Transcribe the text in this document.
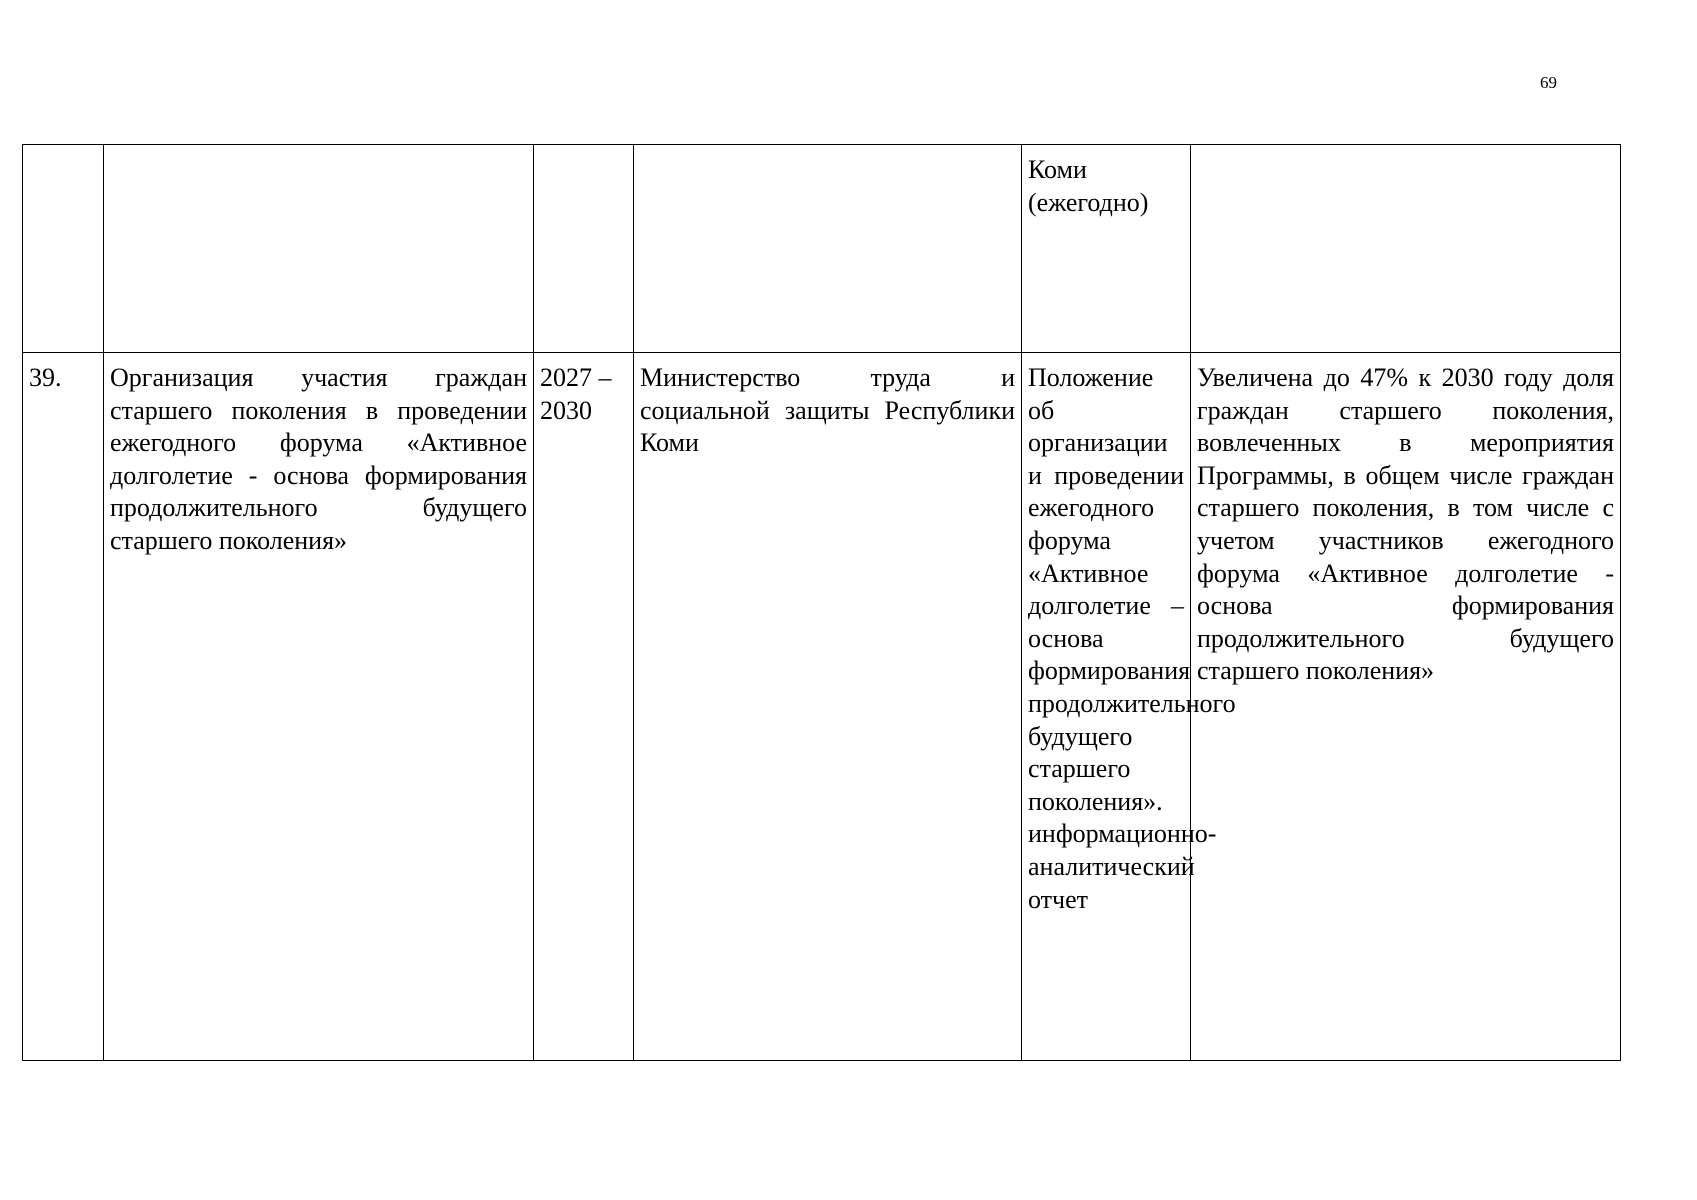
69

				Коми
(ежегодно)	

39.	Организация участия граждан старшего поколения в проведении ежегодного форума «Активное долголетие - основа формирования продолжительного будущего старшего поколения»	2027 –
2030	Министерство труда и социальной защиты Республики Коми	Положение об организации и проведении ежегодного форума «Активное долголетие – основа формирования продолжительного будущего старшего поколения». информационно-аналитический отчет	Увеличена до 47% к 2030 году доля граждан старшего поколения, вовлеченных в мероприятия Программы, в общем числе граждан старшего поколения, в том числе с учетом участников ежегодного форума «Активное долголетие - основа формирования продолжительного будущего старшего поколения»
